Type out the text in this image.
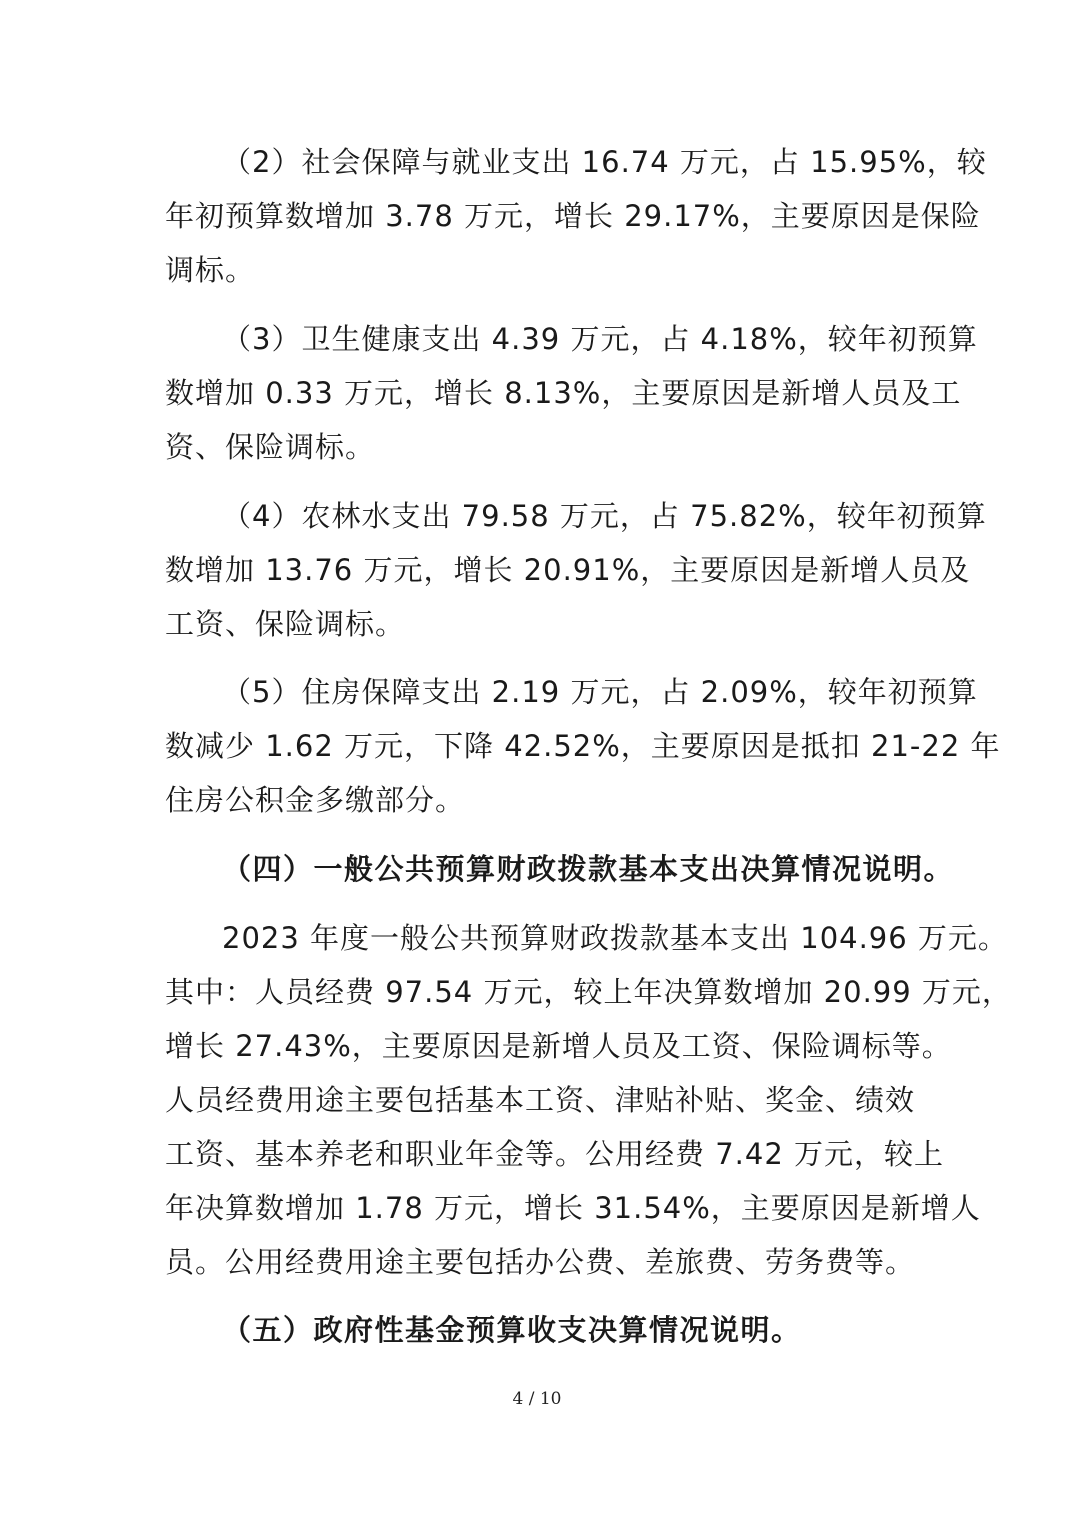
（2）社会保障与就业支出 16.74 万元，占 15.95%，较
年初预算数增加 3.78 万元，增长 29.17%，主要原因是保险
调标。
（3）卫生健康支出 4.39 万元，占 4.18%，较年初预算
数增加 0.33 万元，增长 8.13%，主要原因是新增人员及工
资、保险调标。
（4）农林水支出 79.58 万元，占 75.82%，较年初预算
数增加 13.76 万元，增长 20.91%，主要原因是新增人员及
工资、保险调标。
（5）住房保障支出 2.19 万元，占 2.09%，较年初预算
数减少 1.62 万元，下降 42.52%，主要原因是抵扣 21-22 年
住房公积金多缴部分。
（四）一般公共预算财政拨款基本支出决算情况说明。
2023 年度一般公共预算财政拨款基本支出 104.96 万元。
其中：人员经费 97.54 万元，较上年决算数增加 20.99 万元，
增长 27.43%，主要原因是新增人员及工资、保险调标等。
人员经费用途主要包括基本工资、津贴补贴、奖金、绩效
工资、基本养老和职业年金等。公用经费 7.42 万元，较上
年决算数增加 1.78 万元，增长 31.54%，主要原因是新增人
员。公用经费用途主要包括办公费、差旅费、劳务费等。
（五）政府性基金预算收支决算情况说明。
4 / 10
